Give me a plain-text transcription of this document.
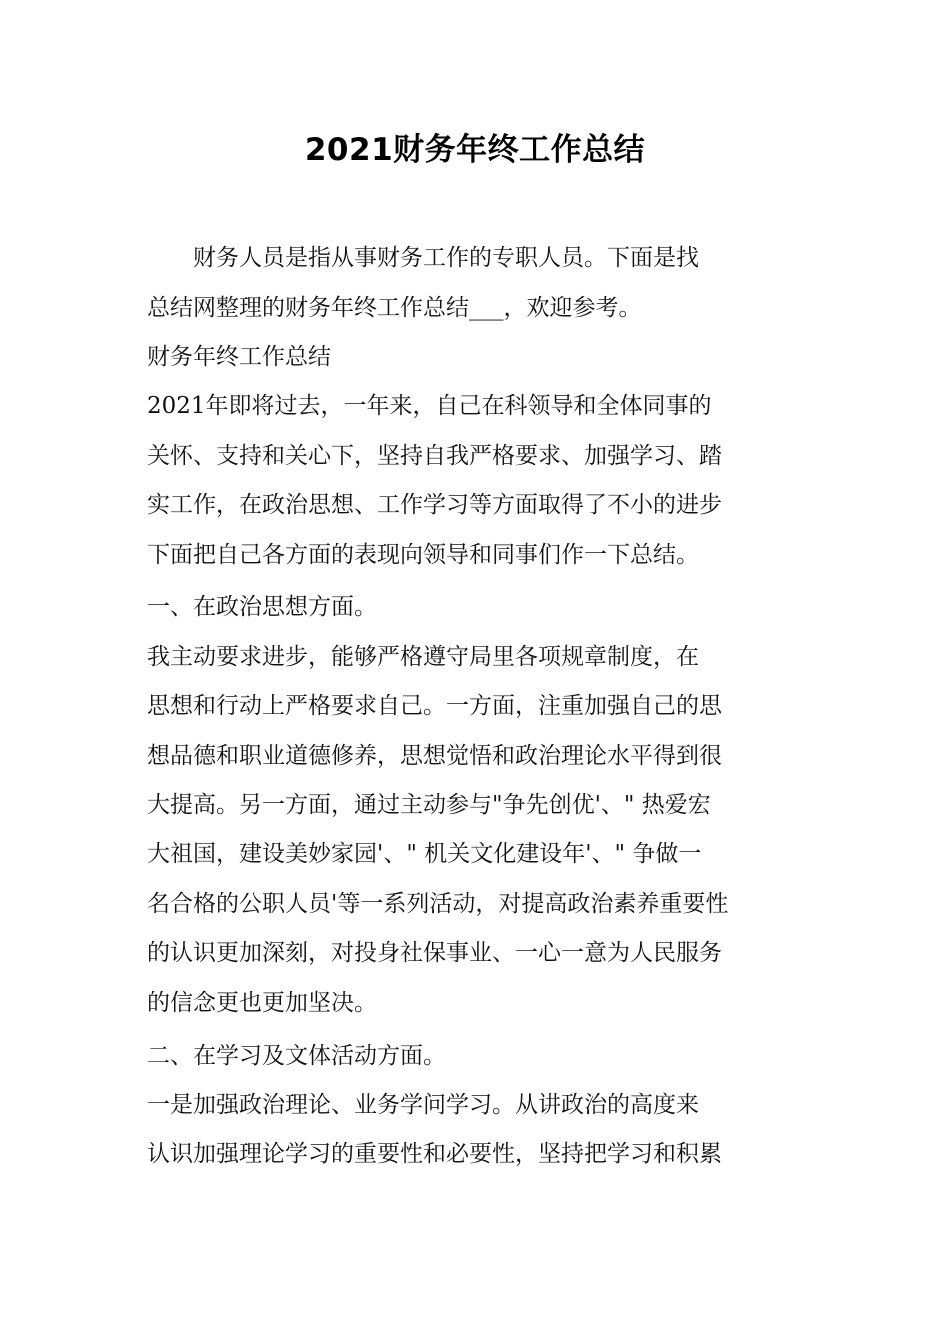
2021财务年终工作总结
　　财务人员是指从事财务工作的专职人员。下面是找
总结网整理的财务年终工作总结___，欢迎参考。
财务年终工作总结
2021年即将过去，一年来，自己在科领导和全体同事的
关怀、支持和关心下，坚持自我严格要求、加强学习、踏
实工作，在政治思想、工作学习等方面取得了不小的进步
下面把自己各方面的表现向领导和同事们作一下总结。
一、在政治思想方面。
我主动要求进步，能够严格遵守局里各项规章制度，在
思想和行动上严格要求自己。一方面，注重加强自己的思
想品德和职业道德修养，思想觉悟和政治理论水平得到很
大提高。另一方面，通过主动参与"争先创优'、" 热爱宏
大祖国，建设美妙家园'、" 机关文化建设年'、" 争做一
名合格的公职人员'等一系列活动，对提高政治素养重要性
的认识更加深刻，对投身社保事业、一心一意为人民服务
的信念更也更加坚决。
二、在学习及文体活动方面。
一是加强政治理论、业务学问学习。从讲政治的高度来
认识加强理论学习的重要性和必要性，坚持把学习和积累
